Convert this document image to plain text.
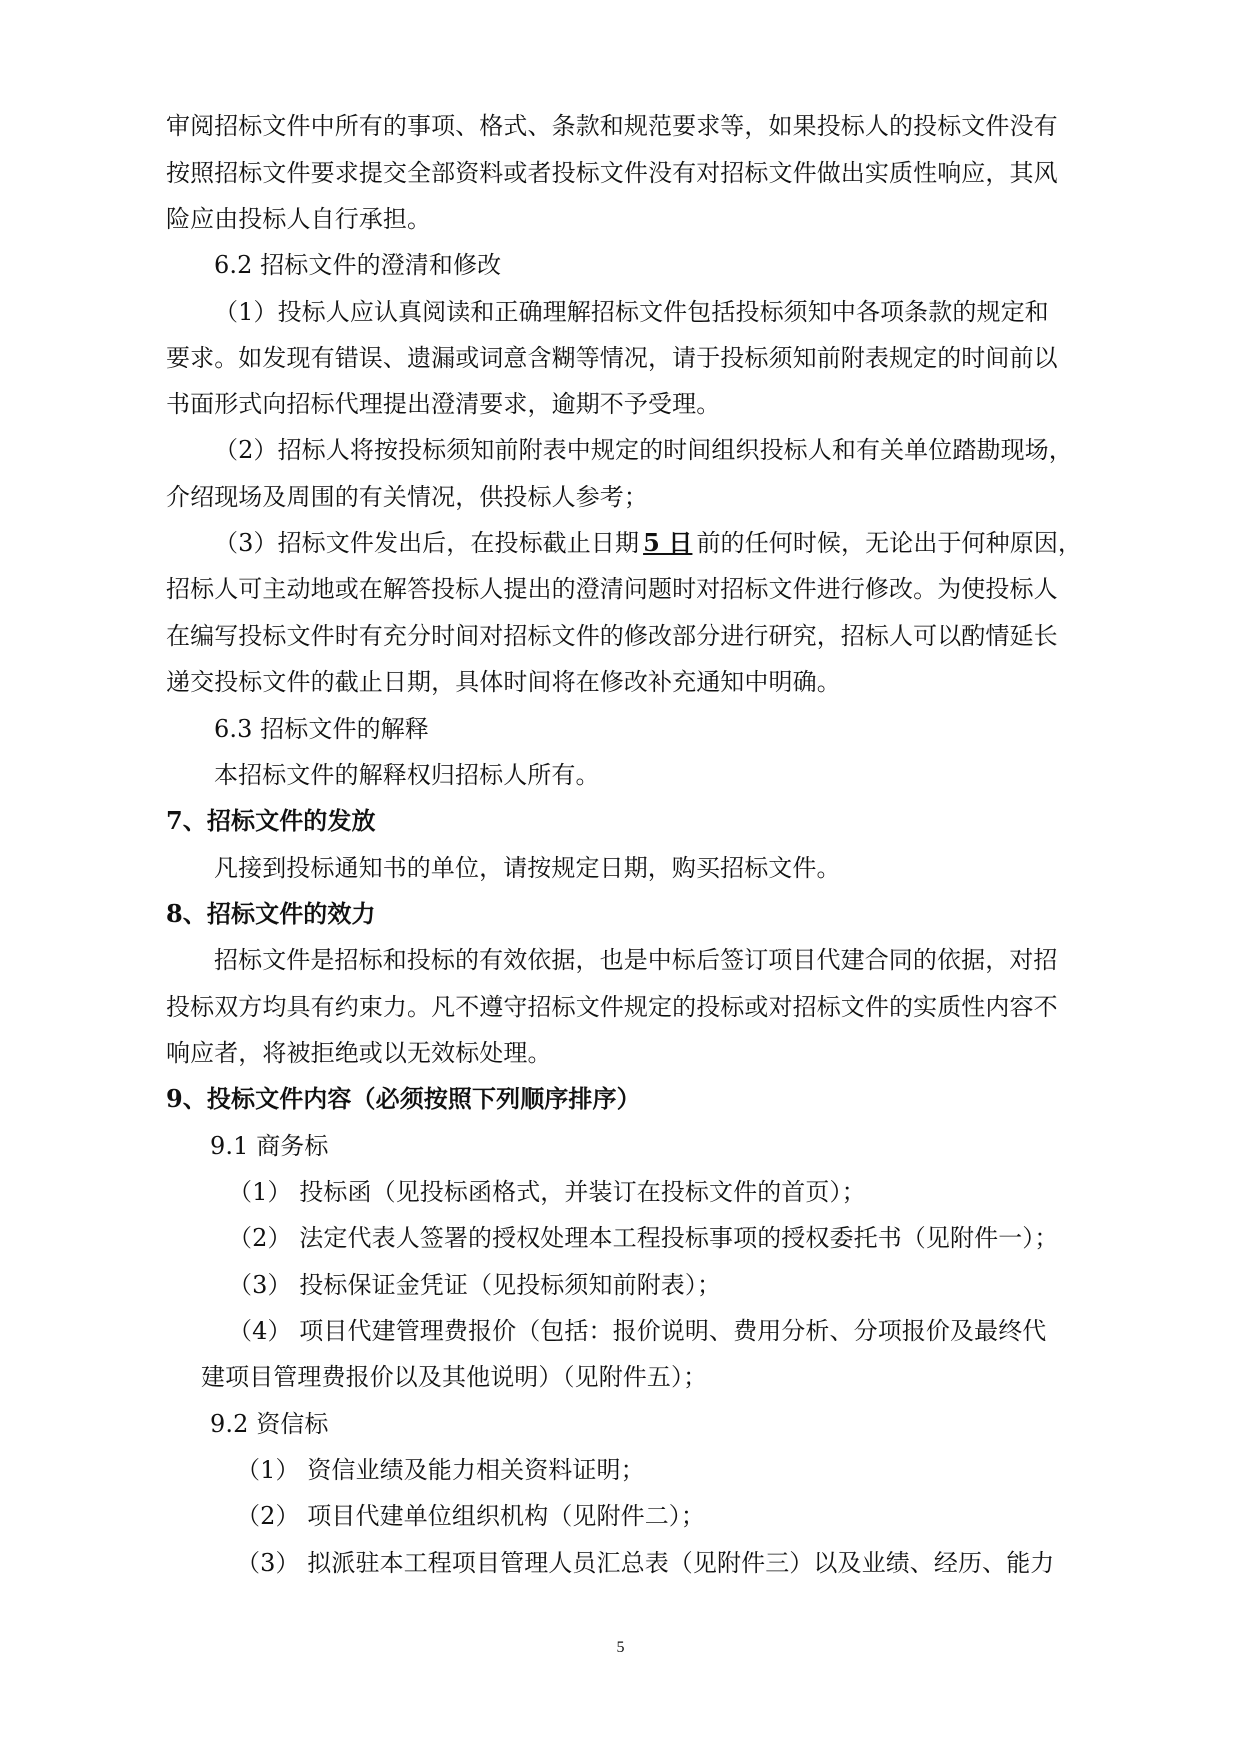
审阅招标文件中所有的事项、格式、条款和规范要求等，如果投标人的投标文件没有
按照招标文件要求提交全部资料或者投标文件没有对招标文件做出实质性响应，其风
险应由投标人自行承担。
6.2 招标文件的澄清和修改
（1）投标人应认真阅读和正确理解招标文件包括投标须知中各项条款的规定和
要求。如发现有错误、遗漏或词意含糊等情况，请于投标须知前附表规定的时间前以
书面形式向招标代理提出澄清要求，逾期不予受理。
（2）招标人将按投标须知前附表中规定的时间组织投标人和有关单位踏勘现场，
介绍现场及周围的有关情况，供投标人参考；
（3）招标文件发出后，在投标截止日期 5 日 前的任何时候，无论出于何种原因，
招标人可主动地或在解答投标人提出的澄清问题时对招标文件进行修改。为使投标人
在编写投标文件时有充分时间对招标文件的修改部分进行研究，招标人可以酌情延长
递交投标文件的截止日期，具体时间将在修改补充通知中明确。
6.3 招标文件的解释
本招标文件的解释权归招标人所有。
7、招标文件的发放
凡接到投标通知书的单位，请按规定日期，购买招标文件。
8、招标文件的效力
招标文件是招标和投标的有效依据，也是中标后签订项目代建合同的依据，对招
投标双方均具有约束力。凡不遵守招标文件规定的投标或对招标文件的实质性内容不
响应者，将被拒绝或以无效标处理。
9、投标文件内容（必须按照下列顺序排序）
9.1 商务标
（1） 投标函（见投标函格式，并装订在投标文件的首页）；
（2） 法定代表人签署的授权处理本工程投标事项的授权委托书（见附件一）；
（3） 投标保证金凭证（见投标须知前附表）；
（4） 项目代建管理费报价（包括：报价说明、费用分析、分项报价及最终代
建项目管理费报价以及其他说明）（见附件五）；
9.2 资信标
（1） 资信业绩及能力相关资料证明；
（2） 项目代建单位组织机构（见附件二）；
（3） 拟派驻本工程项目管理人员汇总表（见附件三）以及业绩、经历、能力
5
